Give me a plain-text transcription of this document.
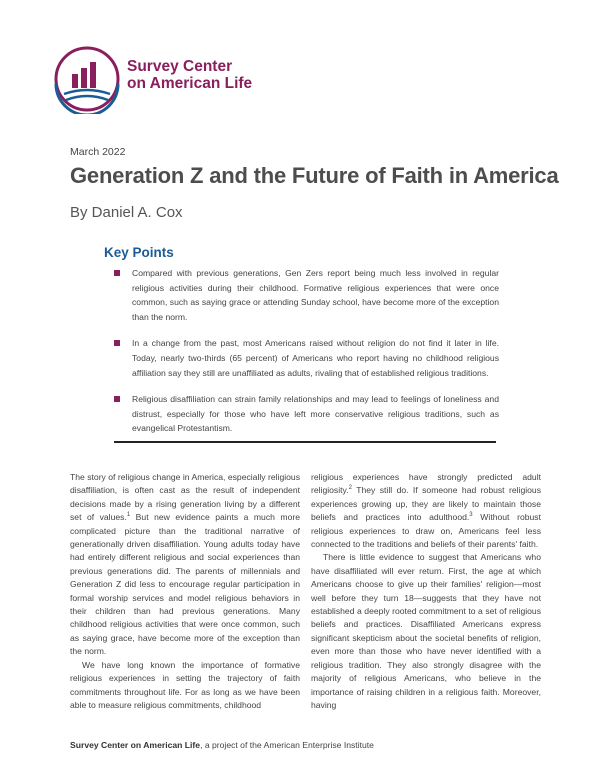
Survey Center
on American Life
March 2022
Generation Z and the Future of Faith in America
By Daniel A. Cox
Key Points
Compared with previous generations, Gen Zers report being much less involved in regular religious activities during their childhood. Formative religious experiences that were once common, such as saying grace or attending Sunday school, have become more of the exception than the norm.
In a change from the past, most Americans raised without religion do not find it later in life. Today, nearly two-thirds (65 percent) of Americans who report having no childhood religious affiliation say they still are unaffiliated as adults, rivaling that of established religious traditions.
Religious disaffiliation can strain family relationships and may lead to feelings of loneliness and distrust, especially for those who have left more conservative religious traditions, such as evangelical Protestantism.

The story of religious change in America, especially religious disaffiliation, is often cast as the result of independent decisions made by a rising generation living by a different set of values.$^1$ But new evidence paints a much more complicated picture than the traditional narrative of generationally driven disaffiliation. Young adults today have had entirely different religious and social experiences than previous generations did. The parents of millennials and Generation Z did less to encourage regular participation in formal worship services and model religious behaviors in their children than had previous generations. Many childhood religious activities that were once common, such as saying grace, have become more of the exception than the norm.

We have long known the importance of formative religious experiences in setting the trajectory of faith commitments throughout life. For as long as we have been able to measure religious commitments, childhood

religious experiences have strongly predicted adult religiosity.$^2$ They still do. If someone had robust religious experiences growing up, they are likely to maintain those beliefs and practices into adulthood.$^3$ Without robust religious experiences to draw on, Americans feel less connected to the traditions and beliefs of their parents' faith.

There is little evidence to suggest that Americans who have disaffiliated will ever return. First, the age at which Americans choose to give up their families' religion—most well before they turn 18—suggests that they have not established a deeply rooted commitment to a set of religious beliefs and practices. Disaffiliated Americans express significant skepticism about the societal benefits of religion, even more than those who have never identified with a religious tradition. They also strongly disagree with the majority of religious Americans, who believe in the importance of raising children in a religious faith. Moreover, having

Survey Center on American Life, a project of the American Enterprise Institute
